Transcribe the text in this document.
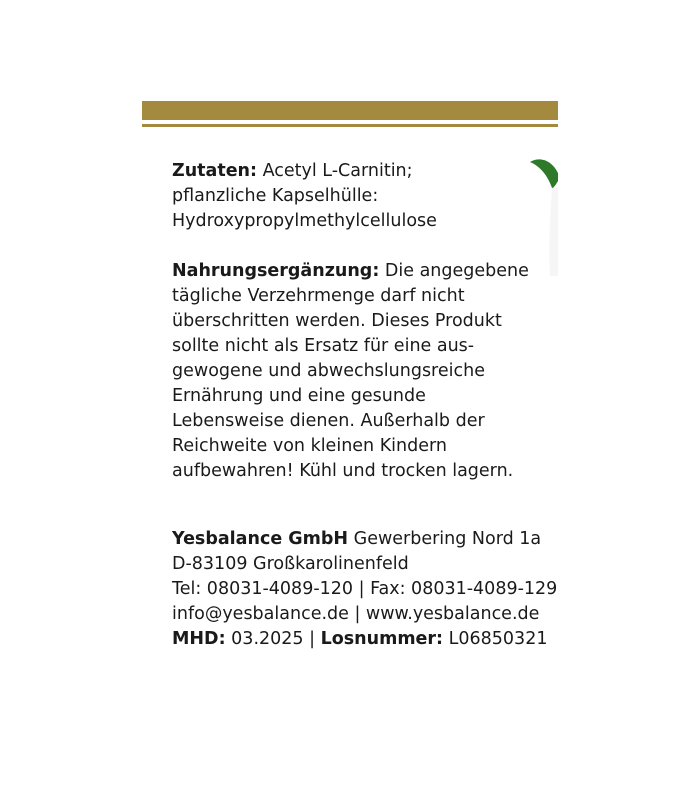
Zutaten: Acetyl L-Carnitin;
pflanzliche Kapselhülle:
Hydroxypropylmethylcellulose
Nahrungsergänzung: Die angegebene
tägliche Verzehrmenge darf nicht
überschritten werden. Dieses Produkt
sollte nicht als Ersatz für eine aus-
gewogene und abwechslungsreiche
Ernährung und eine gesunde
Lebensweise dienen. Außerhalb der
Reichweite von kleinen Kindern
aufbewahren! Kühl und trocken lagern.
Yesbalance GmbH Gewerbering Nord 1a
D-83109 Großkarolinenfeld
Tel: 08031-4089-120 | Fax: 08031-4089-129
info@yesbalance.de | www.yesbalance.de
MHD: 03.2025 | Losnummer: L06850321
